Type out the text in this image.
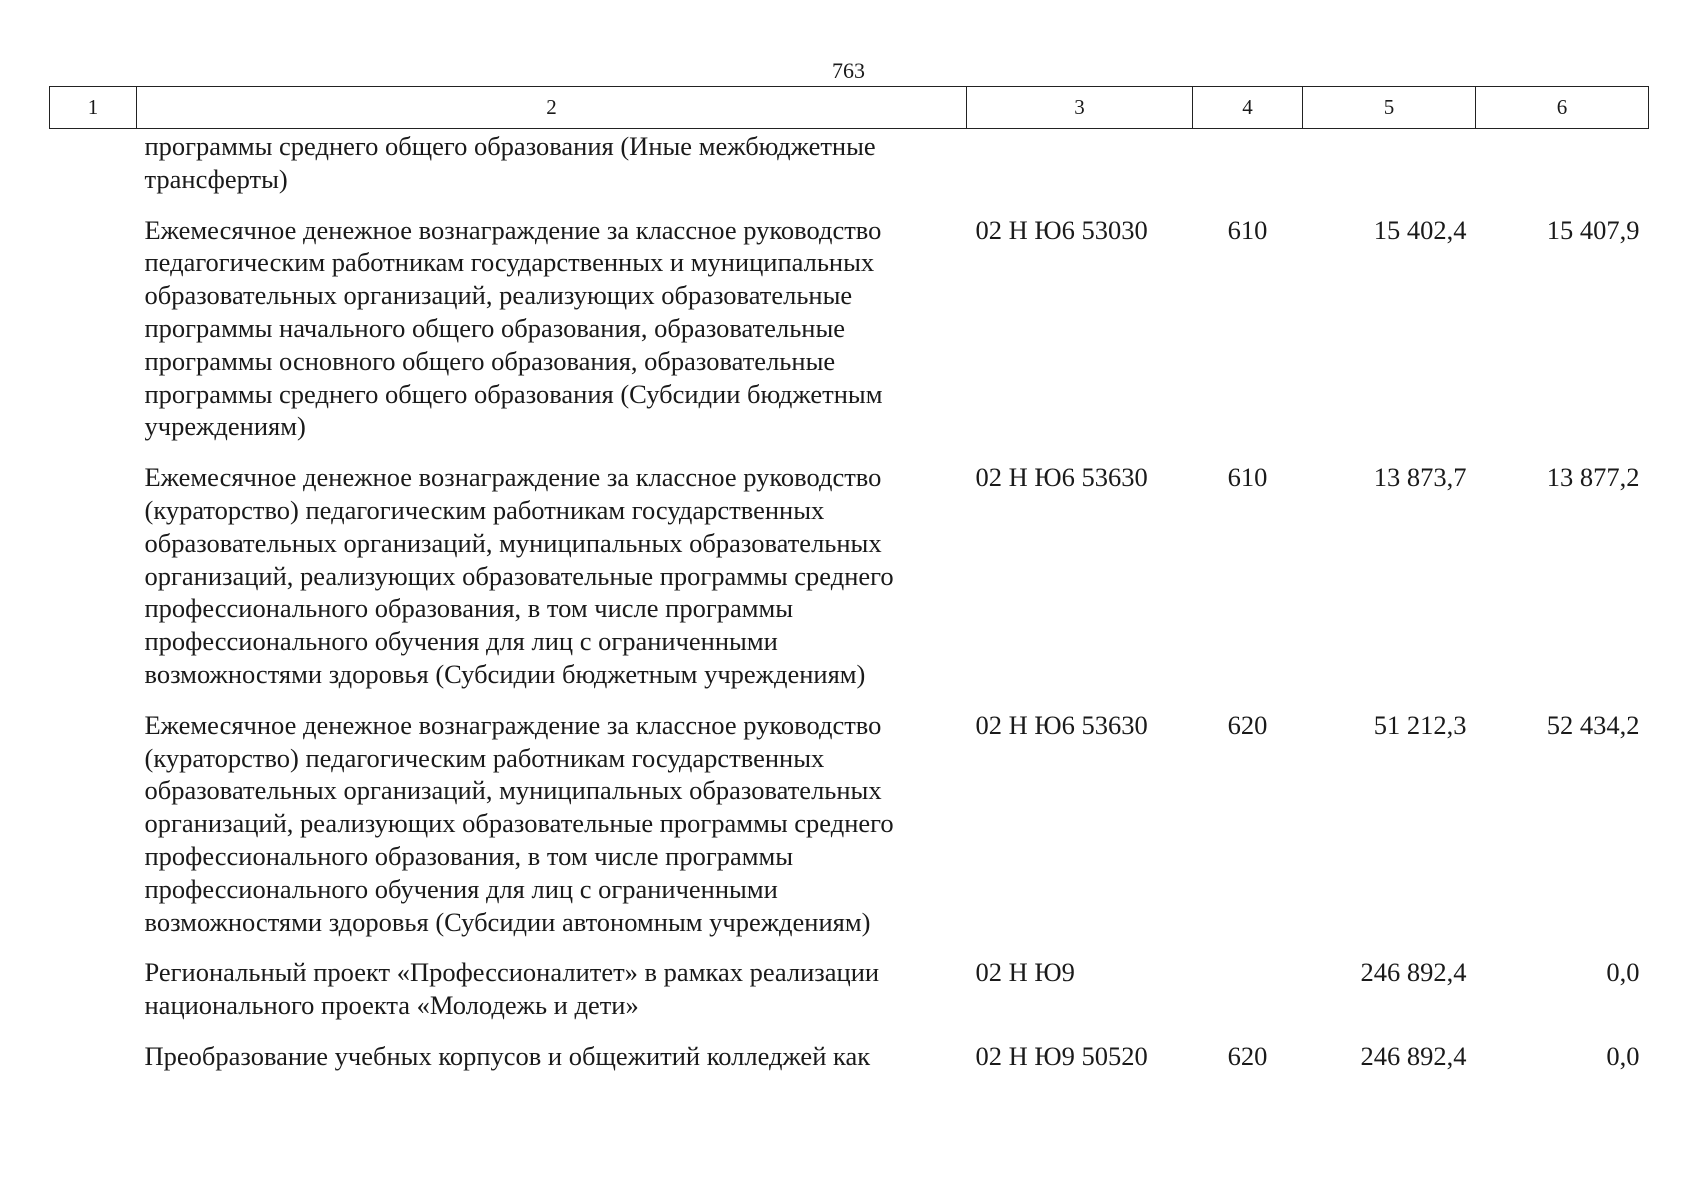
763
1	2	3	4	5	6
программы среднего общего образования (Иные межбюджетные трансферты)					
Ежемесячное денежное вознаграждение за классное руководство педагогическим работникам государственных и муниципальных образовательных организаций, реализующих образовательные программы начального общего образования, образовательные программы основного общего образования, образовательные программы среднего общего образования (Субсидии бюджетным учреждениям)		02 Н Ю6 53030	610	15 402,4	15 407,9
Ежемесячное денежное вознаграждение за классное руководство (кураторство) педагогическим работникам государственных образовательных организаций, муниципальных образовательных организаций, реализующих образовательные программы среднего профессионального образования, в том числе программы профессионального обучения для лиц с ограниченными возможностями здоровья (Субсидии бюджетным учреждениям)		02 Н Ю6 53630	610	13 873,7	13 877,2
Ежемесячное денежное вознаграждение за классное руководство (кураторство) педагогическим работникам государственных образовательных организаций, муниципальных образовательных организаций, реализующих образовательные программы среднего профессионального образования, в том числе программы профессионального обучения для лиц с ограниченными возможностями здоровья (Субсидии автономным учреждениям)		02 Н Ю6 53630	620	51 212,3	52 434,2
Региональный проект «Профессионалитет» в рамках реализации национального проекта «Молодежь и дети»		02 Н Ю9		246 892,4	0,0
Преобразование учебных корпусов и общежитий колледжей как		02 Н Ю9 50520	620	246 892,4	0,0
